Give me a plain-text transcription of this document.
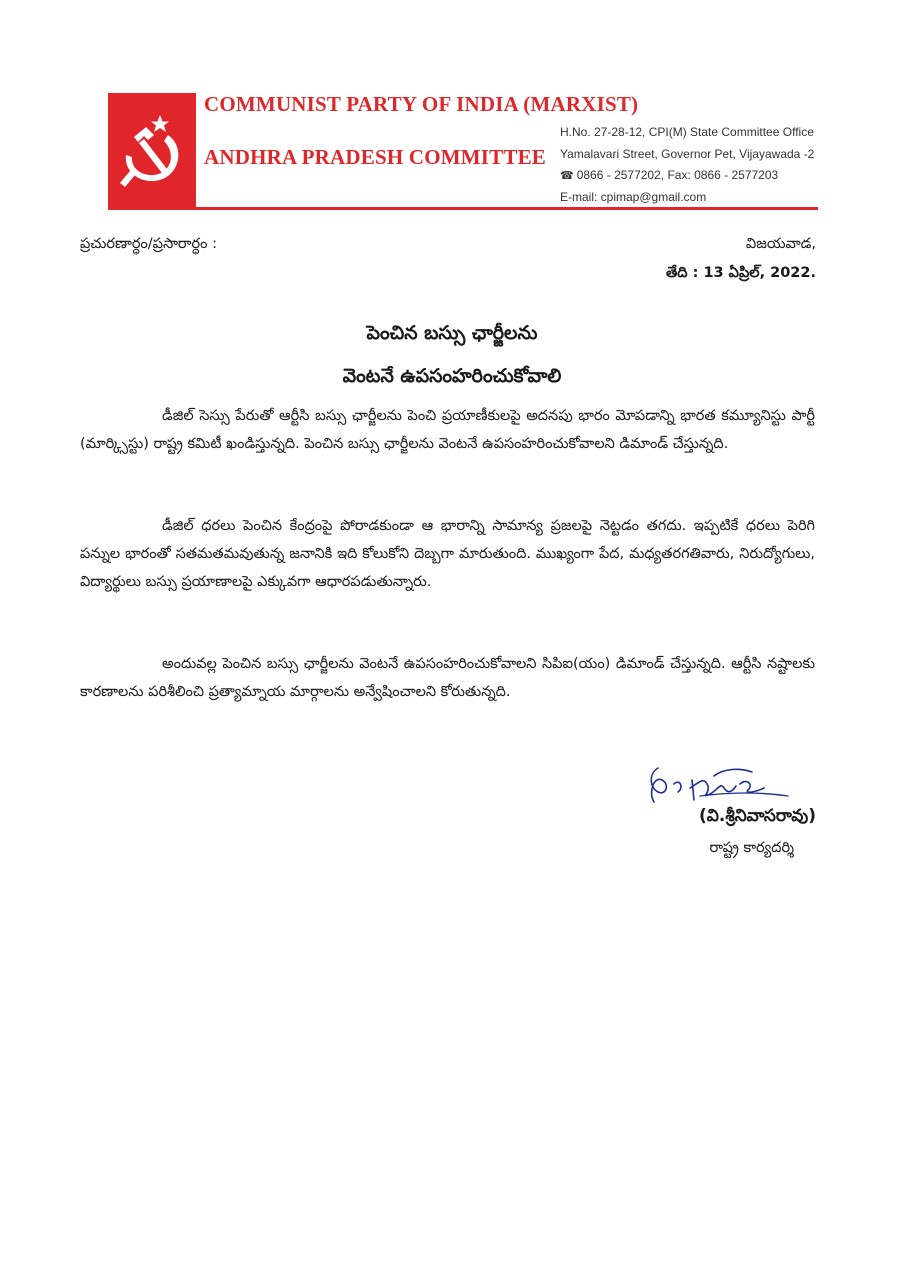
COMMUNIST PARTY OF INDIA (MARXIST)
ANDHRA PRADESH COMMITTEE
H.No. 27-28-12, CPI(M) State Committee Office
Yamalavari Street, Governor Pet, Vijayawada -2
☎ 0866 - 2577202, Fax: 0866 - 2577203
E-mail: cpimap@gmail.com
ప్రచురణార్ధం/ప్రసారార్ధం :	విజయవాడ,
తేది : 13 ఏప్రిల్, 2022.
పెంచిన బస్సు ఛార్జీలను
వెంటనే ఉపసంహరించుకోవాలి

డీజిల్ సెస్సు పేరుతో ఆర్టీసి బస్సు ఛార్జీలను పెంచి ప్రయాణీకులపై అదనపు భారం మోపడాన్ని భారత కమ్యూనిస్టు పార్టీ (మార్క్సిస్టు) రాష్ట్ర కమిటీ ఖండిస్తున్నది. పెంచిన బస్సు ఛార్జీలను వెంటనే ఉపసంహరించుకోవాలని డిమాండ్ చేస్తున్నది.

డీజిల్ ధరలు పెంచిన కేంద్రంపై పోరాడకుండా ఆ భారాన్ని సామాన్య ప్రజలపై నెట్టడం తగదు. ఇప్పటికే ధరలు పెరిగి పన్నుల భారంతో సతమతమవుతున్న జనానికి ఇది కోలుకోని దెబ్బగా మారుతుంది. ముఖ్యంగా పేద, మధ్యతరగతివారు, నిరుద్యోగులు, విద్యార్థులు బస్సు ప్రయాణాలపై ఎక్కువగా ఆధారపడుతున్నారు.

అందువల్ల పెంచిన బస్సు ఛార్జీలను వెంటనే ఉపసంహరించుకోవాలని సిపిఐ(యం) డిమాండ్ చేస్తున్నది. ఆర్టీసి నష్టాలకు కారణాలను పరిశీలించి ప్రత్యామ్నాయ మార్గాలను అన్వేషించాలని కోరుతున్నది.

(వి.శ్రీనివాసరావు)
రాష్ట్ర కార్యదర్శి
